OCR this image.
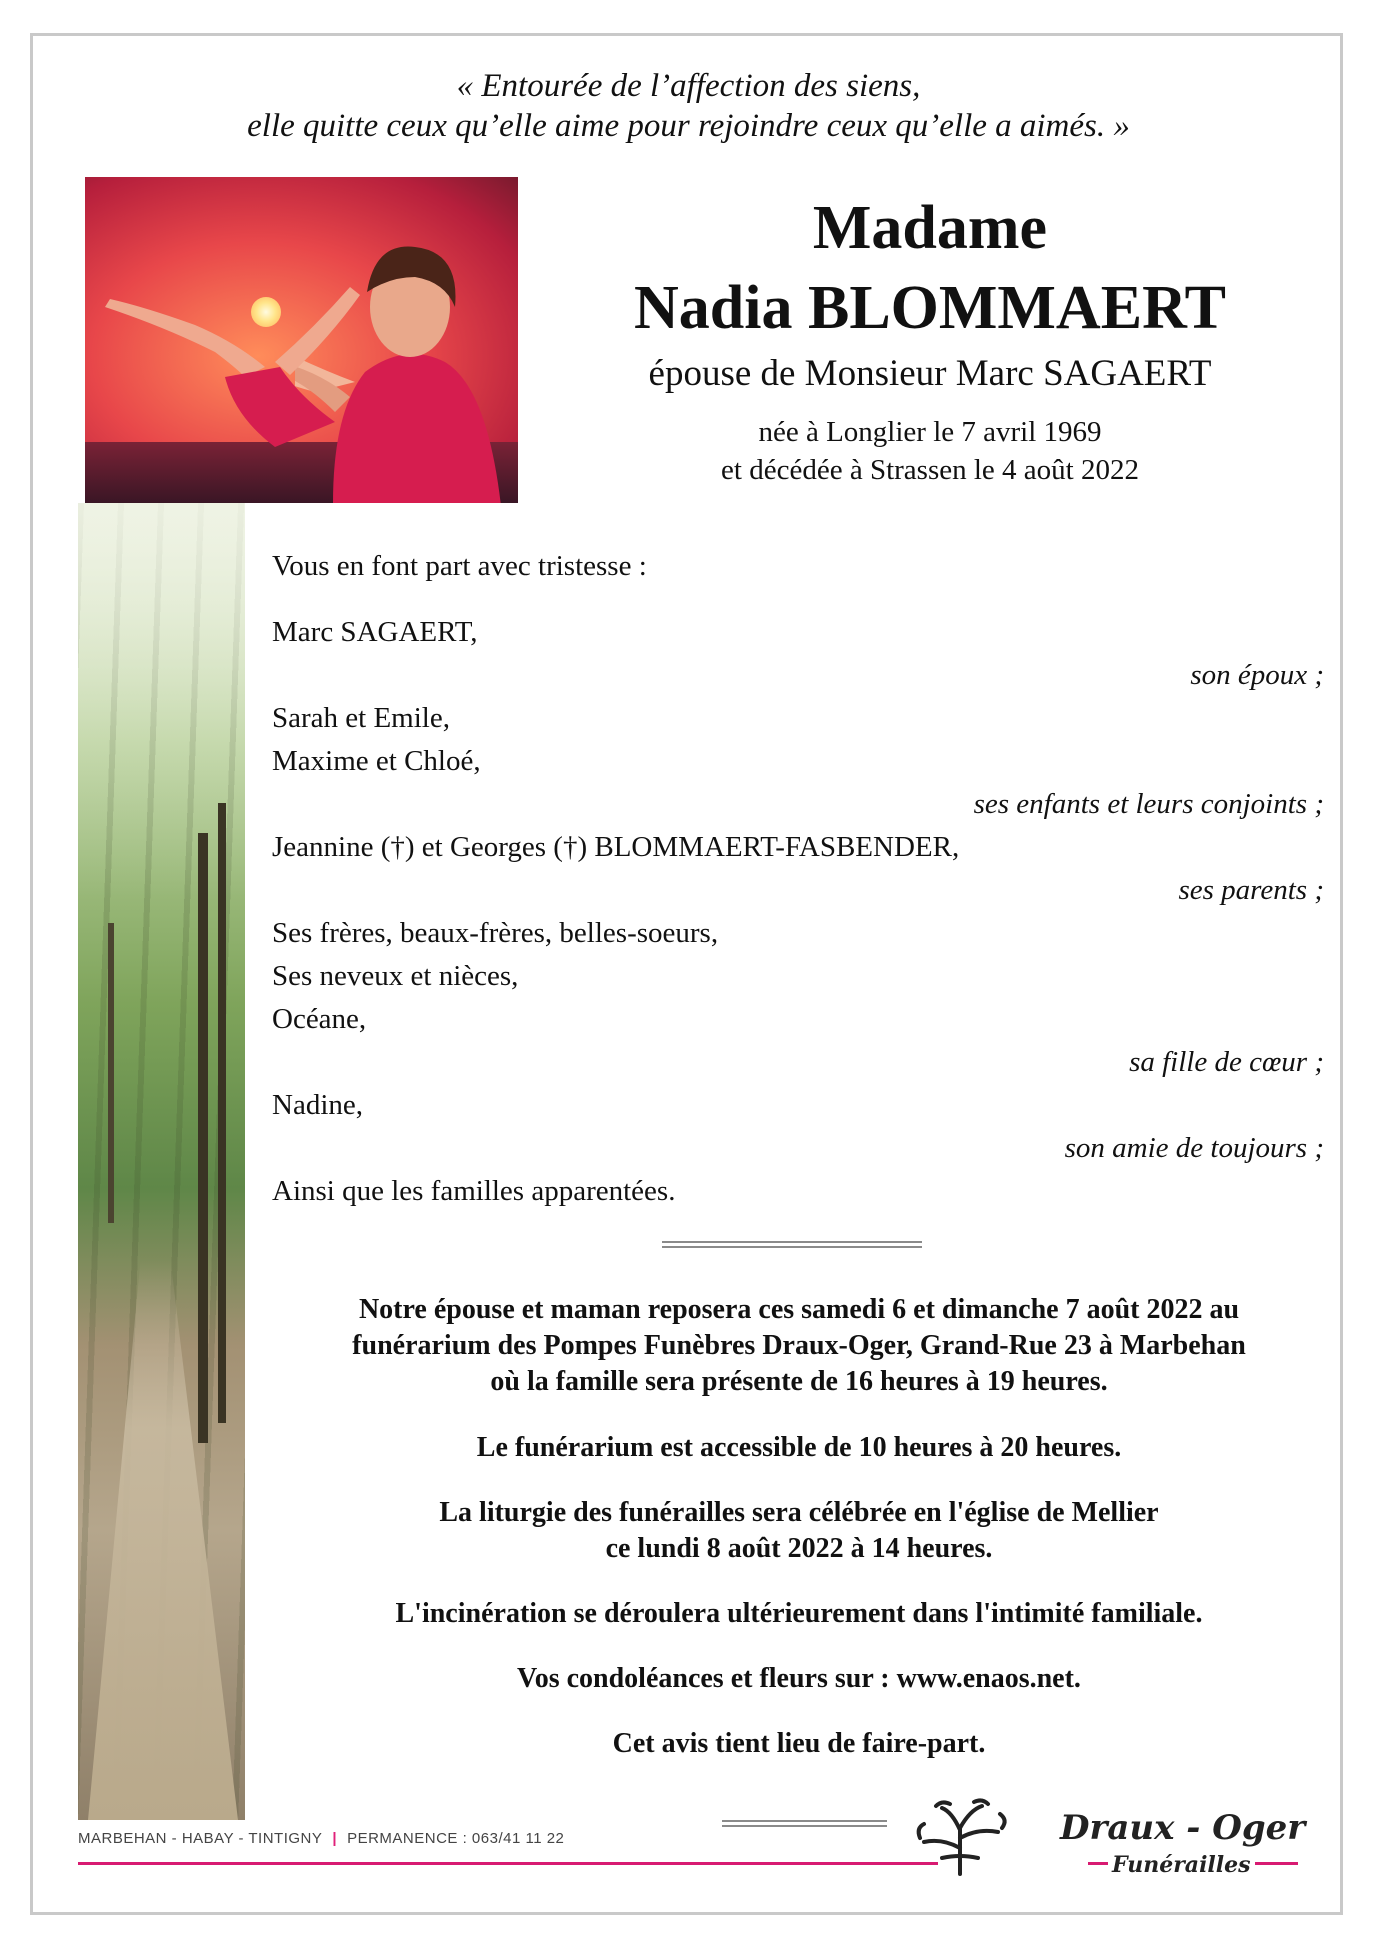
« Entourée de l’affection des siens,
elle quitte ceux qu’elle aime pour rejoindre ceux qu’elle a aimés. »
Madame
Nadia BLOMMAERT
épouse de Monsieur Marc SAGAERT
née à Longlier le 7 avril 1969
et décédée à Strassen le 4 août 2022
Vous en font part avec tristesse :
Marc SAGAERT,
son époux ;
Sarah et Emile,
Maxime et Chloé,
ses enfants et leurs conjoints ;
Jeannine (†) et Georges (†) BLOMMAERT-FASBENDER,
ses parents ;
Ses frères, beaux-frères, belles-soeurs,
Ses neveux et nièces,
Océane,
sa fille de cœur ;
Nadine,
son amie de toujours ;
Ainsi que les familles apparentées.
Notre épouse et maman reposera ces samedi 6 et dimanche 7 août 2022 au
funérarium des Pompes Funèbres Draux-Oger, Grand-Rue 23 à Marbehan
où la famille sera présente de 16 heures à 19 heures.
Le funérarium est accessible de 10 heures à 20 heures.
La liturgie des funérailles sera célébrée en l'église de Mellier
ce lundi 8 août 2022 à 14 heures.
L'incinération se déroulera ultérieurement dans l'intimité familiale.
Vos condoléances et fleurs sur : www.enaos.net.
Cet avis tient lieu de faire-part.
MARBEHAN - HABAY - TINTIGNY | PERMANENCE : 063/41 11 22	Draux - Oger
Funérailles
